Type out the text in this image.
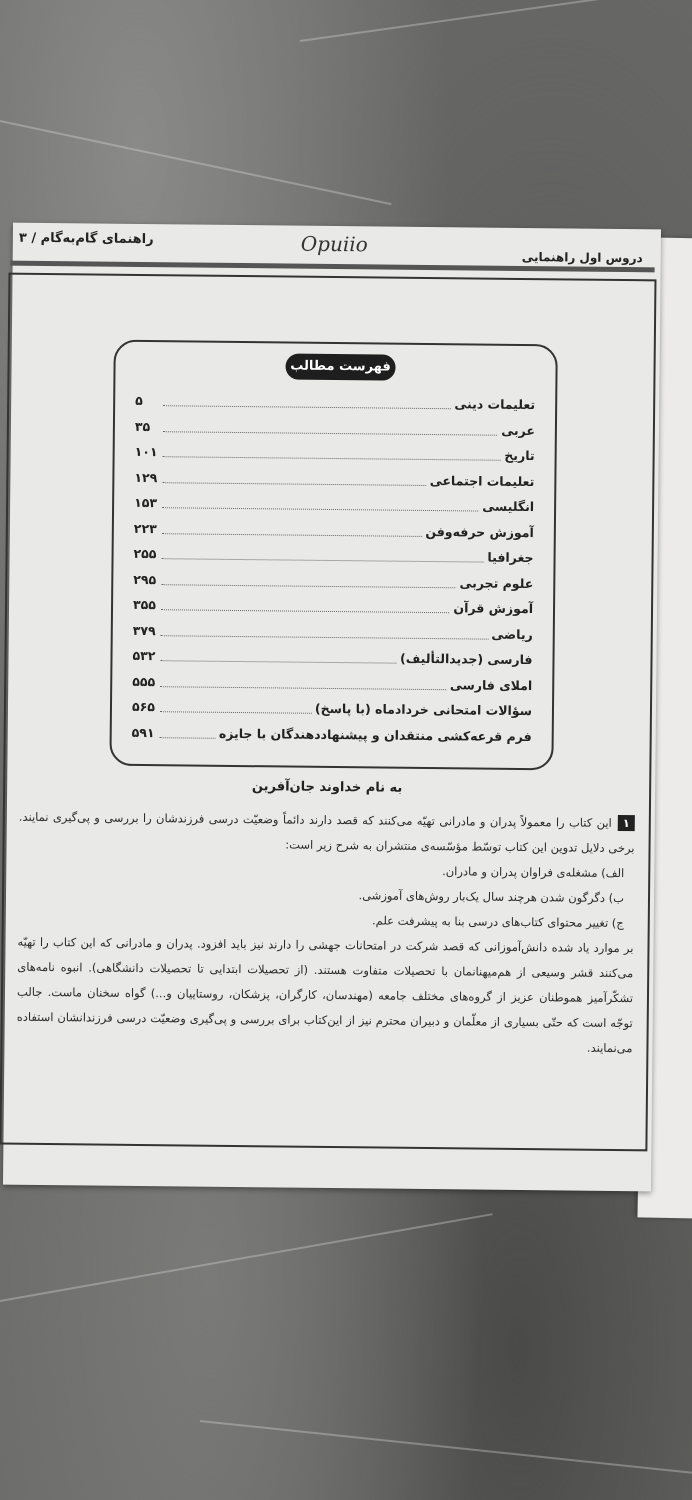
راهنمای گام‌به‌گام / ۳	Opuiio
دروس اول راهنمایی
فهرست مطالب
تعلیمات دینی
۵
عربی
۳۵
تاریخ
۱۰۱
تعلیمات اجتماعی
۱۲۹
انگلیسی
۱۵۳
آموزش حرفه‌وفن
۲۲۳
جغرافیا
۲۵۵
علوم تجربی
۲۹۵
آموزش قرآن
۳۵۵
ریاضی
۳۷۹
فارسی (جدیدالتألیف)
۵۳۲
املای فارسی
۵۵۵
سؤالات امتحانی خردادماه (با پاسخ)
۵۶۵
فرم قرعه‌کشی منتقدان و پیشنهاددهندگان با جایزه
۵۹۱
به نام خداوند جان‌آفرین
۱این کتاب را معمولاً پدران و مادرانی تهیّه می‌کنند که قصد دارند دائماً وضعیّت درسی فرزندشان را بررسی و پی‌گیری نمایند. برخی دلایل تدوین این کتاب توسّط مؤسّسه‌ی منتشران به شرح زیر است:
الف) مشغله‌ی فراوان پدران و مادران.
ب) دگرگون شدن هرچند سال یک‌بار روش‌های آموزشی.
ج) تغییر محتوای کتاب‌های درسی بنا به پیشرفت علم.
بر موارد یاد شده دانش‌آموزانی که قصد شرکت در امتحانات جهشی را دارند نیز باید افزود. پدران و مادرانی که این کتاب را تهیّه می‌کنند قشر وسیعی از هم‌میهنانمان با تحصیلات متفاوت هستند. (از تحصیلات ابتدایی تا تحصیلات دانشگاهی). انبوه نامه‌های تشکّرآمیز هموطنان عزیز از گروه‌های مختلف جامعه (مهندسان، کارگران، پزشکان، روستاییان و...) گواه سخنان ماست. جالب توجّه است که حتّی بسیاری از معلّمان و دبیران محترم نیز از این‌کتاب برای بررسی و پی‌گیری وضعیّت درسی فرزندانشان استفاده می‌نمایند.
